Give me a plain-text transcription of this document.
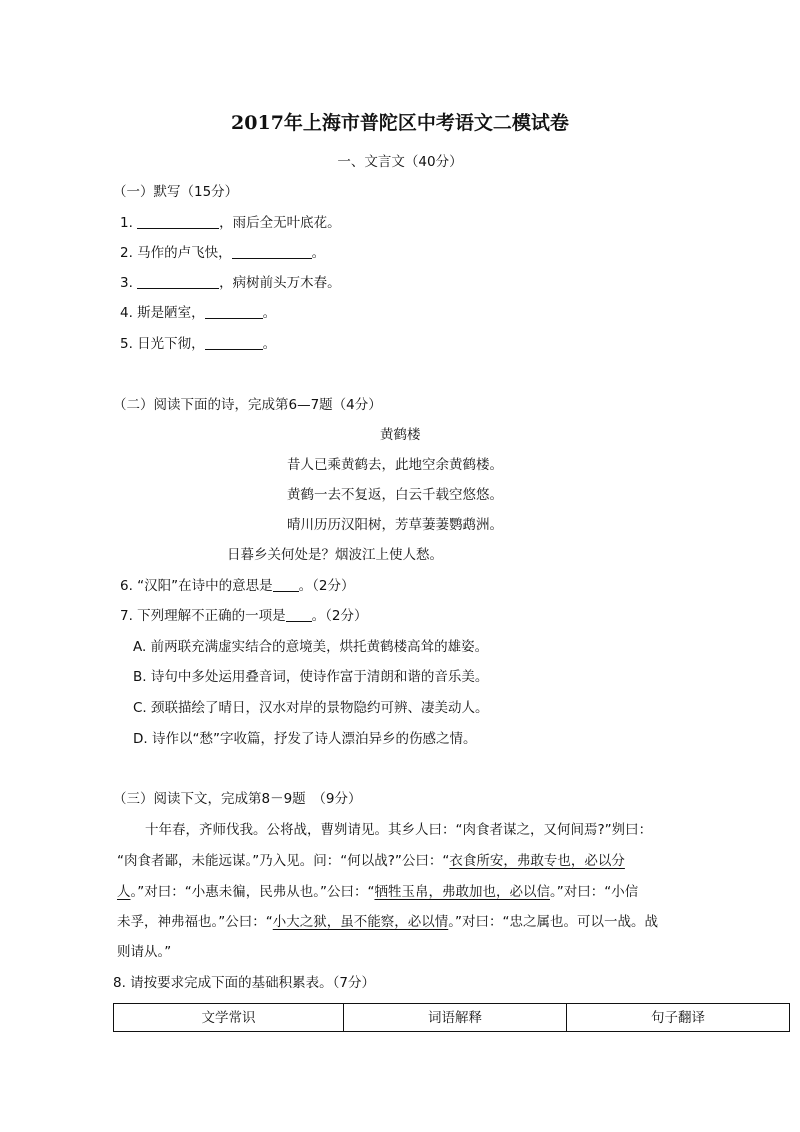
2017年上海市普陀区中考语文二模试卷
一、文言文（40分）
（一）默写（15分）
1.	，雨后全无叶底花。
2. 马作的卢飞快，	。
3.	，病树前头万木春。
4. 斯是陋室，	。
5. 日光下彻，	。
（二）阅读下面的诗，完成第6—7题（4分）
黄鹤楼
昔人已乘黄鹤去，此地空余黄鹤楼。
黄鹤一去不复返，白云千载空悠悠。
晴川历历汉阳树，芳草萋萋鹦鹉洲。
日暮乡关何处是？烟波江上使人愁。
6. “汉阳”在诗中的意思是 。（2分）
7. 下列理解不正确的一项是 。（2分）
A. 前两联充满虚实结合的意境美，烘托黄鹤楼高耸的雄姿。
B. 诗句中多处运用叠音词，使诗作富于清朗和谐的音乐美。
C. 颈联描绘了晴日，汉水对岸的景物隐约可辨、凄美动人。
D. 诗作以“愁”字收篇，抒发了诗人漂泊异乡的伤感之情。
（三）阅读下文，完成第8－9题　（9分）
十年春，齐师伐我。公将战，曹刿请见。其乡人曰：“肉食者谋之，又何间焉?”刿曰：
“肉食者鄙，未能远谋。”乃入见。问：“何以战?”公曰：“衣食所安，弗敢专也，必以分
人。”对曰：“小惠未徧，民弗从也。”公曰：“牺牲玉帛，弗敢加也，必以信。”对曰：“小信
未孚，神弗福也。”公曰：“小大之狱，虽不能察，必以情。”对曰：“忠之属也。可以一战。战
则请从。”
8. 请按要求完成下面的基础积累表。（7分）
文学常识	词语解释	句子翻译
